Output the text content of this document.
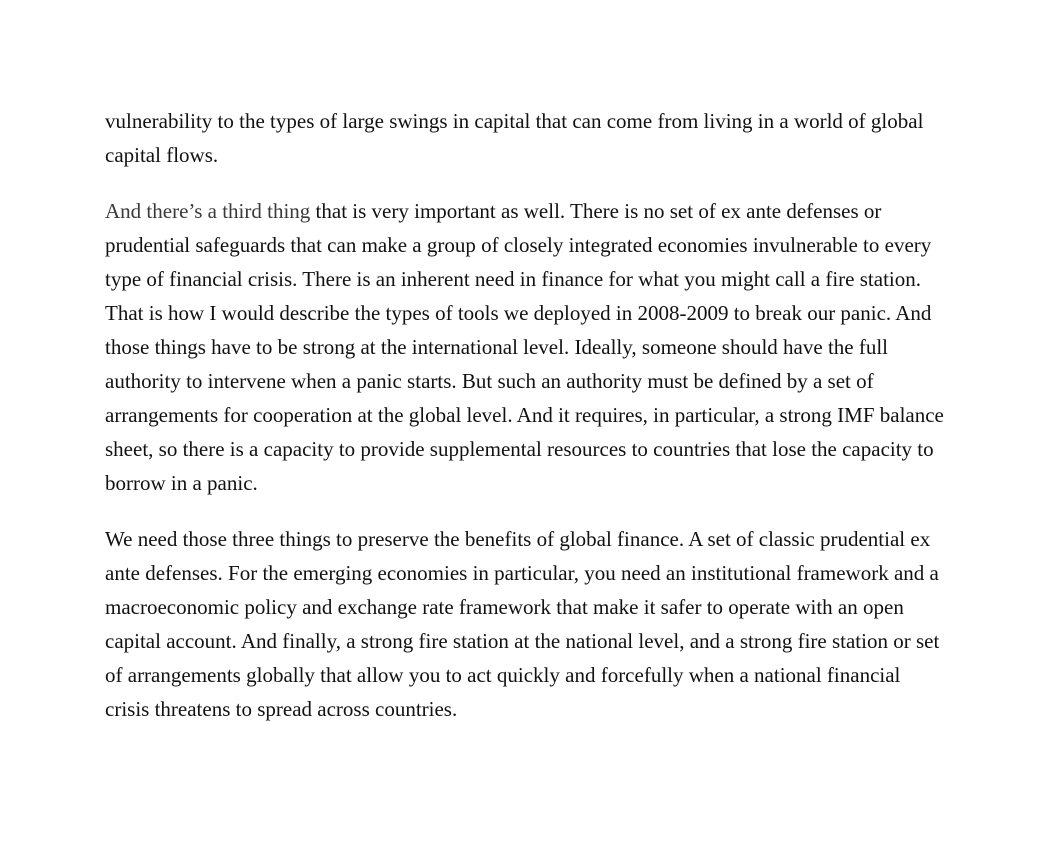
vulnerability to the types of large swings in capital that can come from living in a world of global capital flows.

And there’s a third thing that is very important as well. There is no set of ex ante defenses or prudential safeguards that can make a group of closely integrated economies invulnerable to every type of financial crisis. There is an inherent need in finance for what you might call a fire station. That is how I would describe the types of tools we deployed in 2008-2009 to break our panic. And those things have to be strong at the international level. Ideally, someone should have the full authority to intervene when a panic starts. But such an authority must be defined by a set of arrangements for cooperation at the global level. And it requires, in particular, a strong IMF balance sheet, so there is a capacity to provide supplemental resources to countries that lose the capacity to borrow in a panic.

We need those three things to preserve the benefits of global finance. A set of classic prudential ex ante defenses. For the emerging economies in particular, you need an institutional framework and a macroeconomic policy and exchange rate framework that make it safer to operate with an open capital account. And finally, a strong fire station at the national level, and a strong fire station or set of arrangements globally that allow you to act quickly and forcefully when a national financial crisis threatens to spread across countries.
